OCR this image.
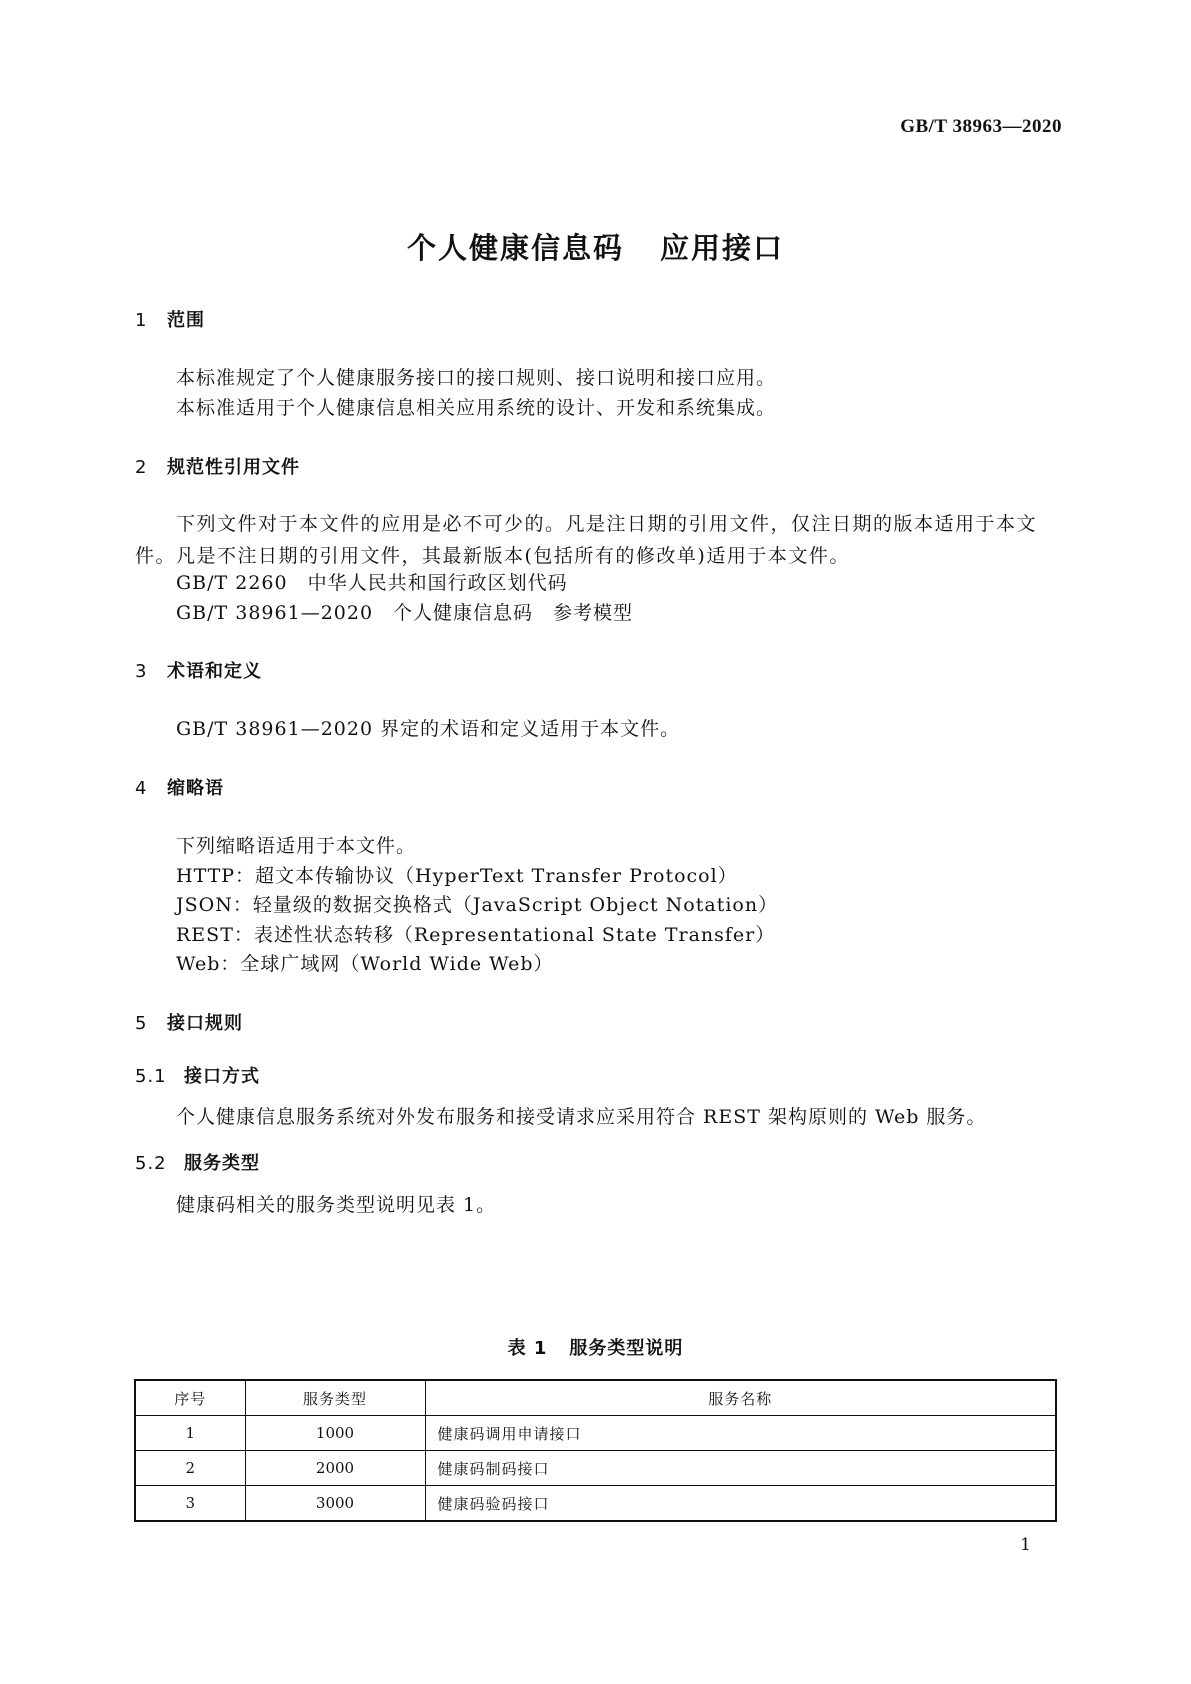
GB/T 38963—2020
个人健康信息码 应用接口
1 范围
本标准规定了个人健康服务接口的接口规则、接口说明和接口应用。
本标准适用于个人健康信息相关应用系统的设计、开发和系统集成。
2 规范性引用文件
下列文件对于本文件的应用是必不可少的。凡是注日期的引用文件，仅注日期的版本适用于本文件。凡是不注日期的引用文件，其最新版本(包括所有的修改单)适用于本文件。
GB/T 2260　中华人民共和国行政区划代码
GB/T 38961—2020　个人健康信息码　参考模型
3 术语和定义
GB/T 38961—2020 界定的术语和定义适用于本文件。
4 缩略语
下列缩略语适用于本文件。
HTTP：超文本传输协议（HyperText Transfer Protocol）
JSON：轻量级的数据交换格式（JavaScript Object Notation）
REST：表述性状态转移（Representational State Transfer）
Web：全球广域网（World Wide Web）
5 接口规则
5.1 接口方式
个人健康信息服务系统对外发布服务和接受请求应采用符合 REST 架构原则的 Web 服务。
5.2 服务类型
健康码相关的服务类型说明见表 1。
表 1 服务类型说明
序号	服务类型	服务名称
1	1000	健康码调用申请接口
2	2000	健康码制码接口
3	3000	健康码验码接口
1
